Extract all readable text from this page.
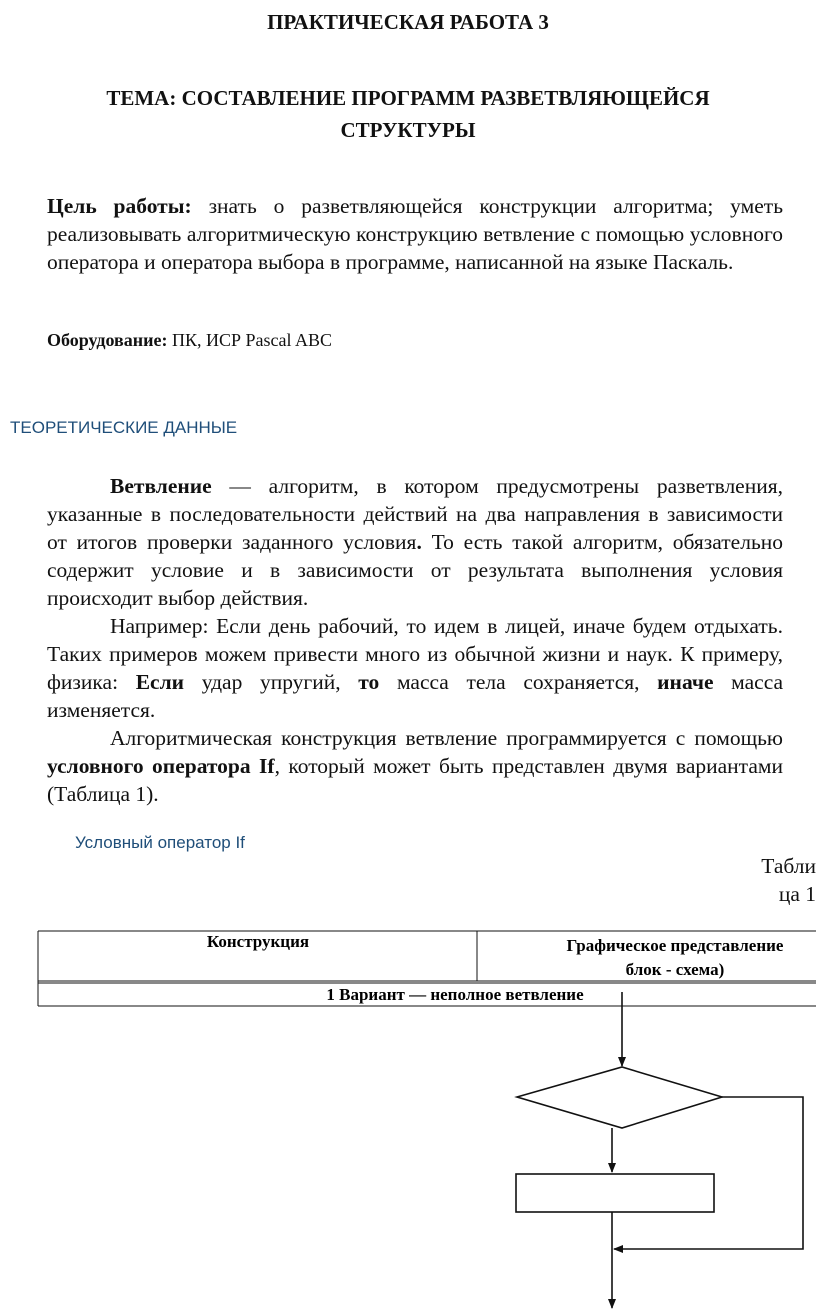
ПРАКТИЧЕСКАЯ РАБОТА 3
ТЕМА: СОСТАВЛЕНИЕ ПРОГРАММ РАЗВЕТВЛЯЮЩЕЙСЯ
СТРУКТУРЫ
Цель работы: знать о разветвляющейся конструкции алгоритма; уметь реализовывать алгоритмическую конструкцию ветвление с помощью условного оператора и оператора выбора в программе, написанной на языке Паскаль.
Оборудование: ПК, ИСР Pascal ABC
ТЕОРЕТИЧЕСКИЕ ДАННЫЕ

Ветвление — алгоритм, в котором предусмотрены разветвления, указанные в последовательности действий на два направления в зависимости от итогов проверки заданного условия. То есть такой алгоритм, обязательно содержит условие и в зависимости от результата выполнения условия происходит выбор действия.

Например: Если день рабочий, то идем в лицей, иначе будем отдыхать. Таких примеров можем привести много из обычной жизни и наук. К примеру, физика: Если удар упругий, то масса тела сохраняется, иначе масса изменяется.

Алгоритмическая конструкция ветвление программируется с помощью условного оператора If, который может быть представлен двумя вариантами (Таблица 1).

Условный оператор If
Табли
ца 1
Конструкция	Графическое представление
блок - схема)
1 Вариант — неполное ветвление
